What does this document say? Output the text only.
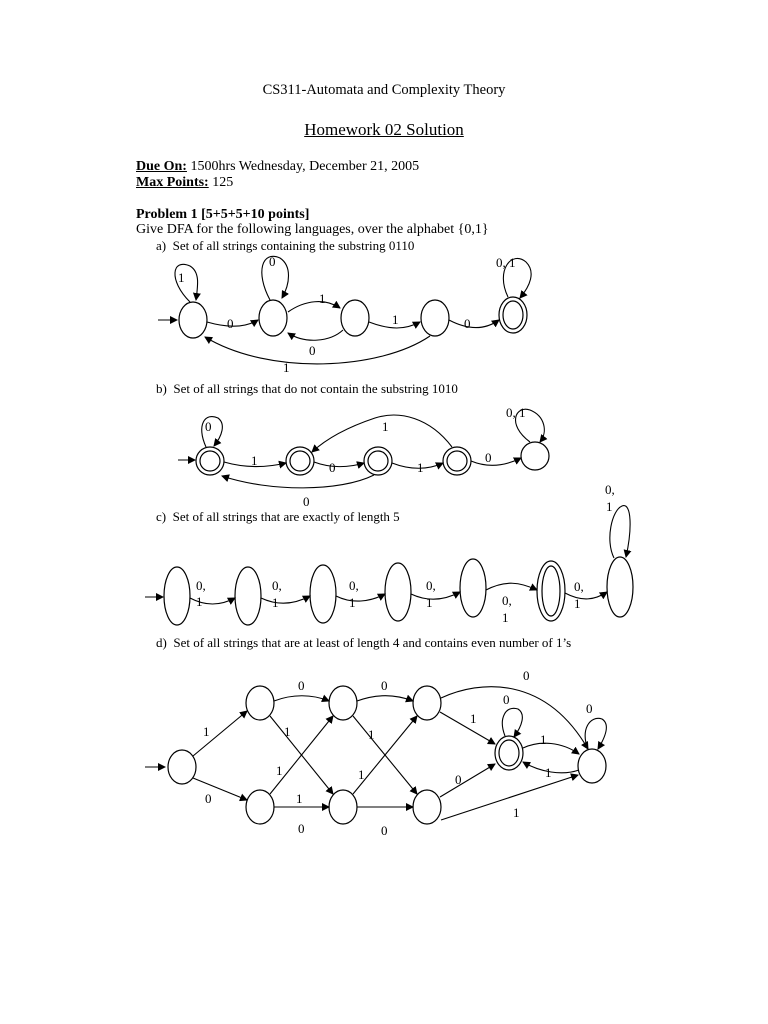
CS311-Automata and Complexity Theory
Homework 02 Solution
Due On: 1500hrs Wednesday, December 21, 2005
Max Points: 125
Problem 1 [5+5+5+10 points]
Give DFA for the following languages, over the alphabet {0,1}
a) Set of all strings containing the substring 0110
b) Set of all strings that do not contain the substring 1010
c) Set of all strings that are exactly of length 5
d) Set of all strings that are at least of length 4 and contains even number of 1’s
1
0	0, 1
0
1
1	0
0
1
0
0, 1
1	0	1
0
1
0
0,
1
0,
1
0,
1
0,
1	0,
1
0,
1
0,
1
0	0
0
0
0
1	1	1
1	1
1
1
1
1
1
0
0	0
0
